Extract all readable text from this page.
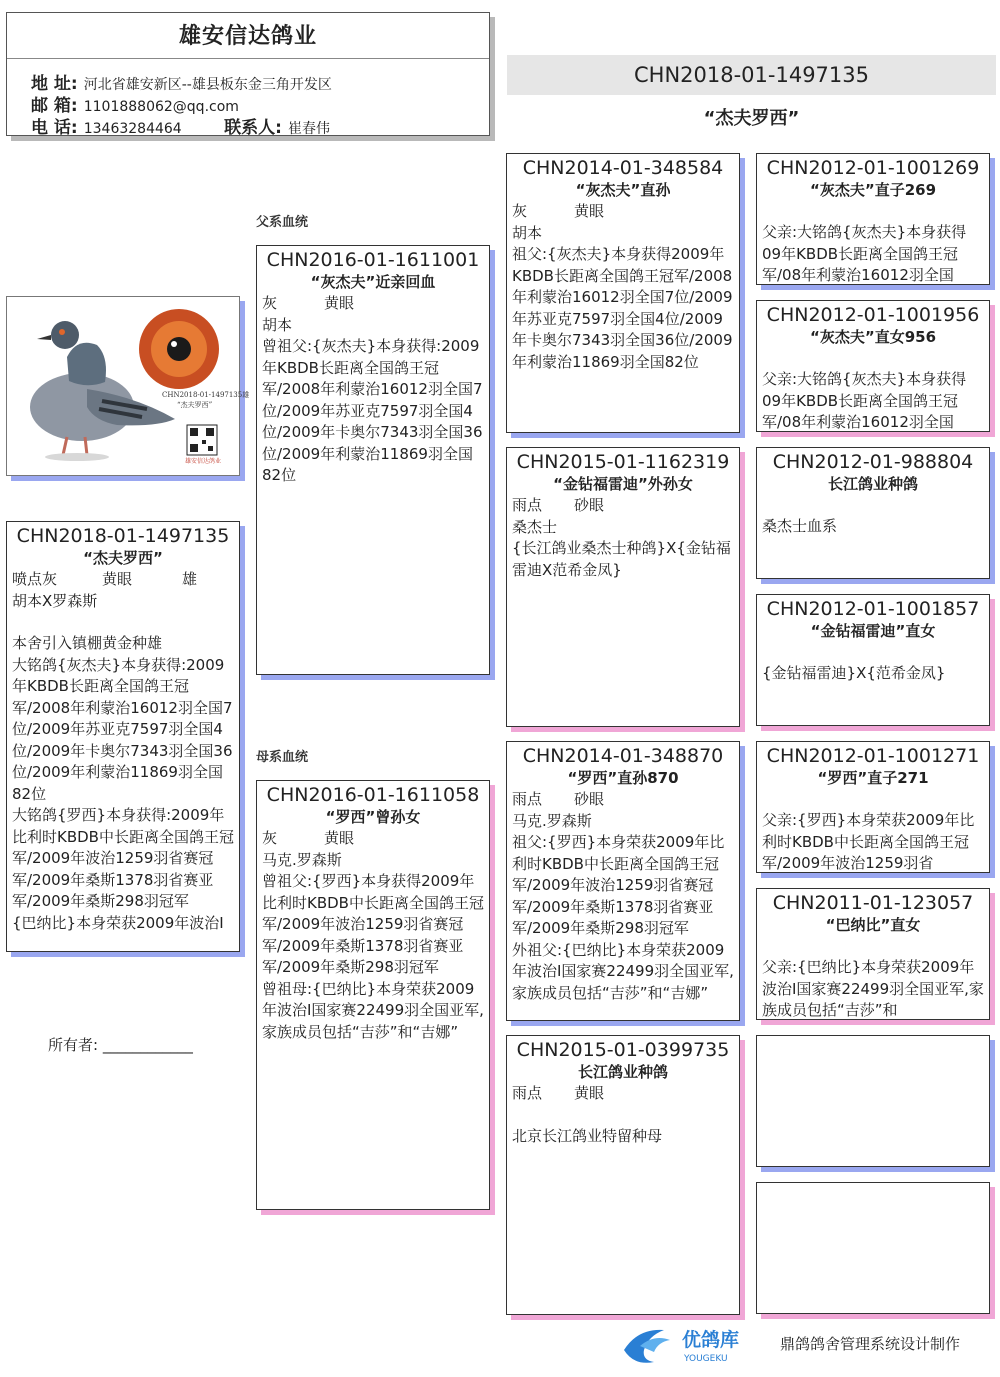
雄安信达鸽业
地 址: 河北省雄安新区--雄县板东金三角开发区
邮 箱: 1101888062@qq.com
电 话: 13463284464 联系人: 崔春伟
CHN2018-01-1497135
“杰夫罗西”
CHN2018-01-1497135雄
“杰夫罗西”
雄安信达鸽业
CHN2018-01-1497135
“杰夫罗西”
喷点灰	黄眼	雄

胡本X罗森斯

本舍引入镇棚黄金种雄

大铭鸽{灰杰夫}本身获得:2009年KBDB长距离全国鸽王冠军/2008年利蒙治16012羽全国7位/2009年苏亚克7597羽全国4位/2009年卡奥尔7343羽全国36位/2009年利蒙治11869羽全国82位

大铭鸽{罗西}本身获得:2009年比利时KBDB中长距离全国鸽王冠军/2009年波治1259羽省赛冠军/2009年桑斯1378羽省赛亚军/2009年桑斯298羽冠军

{巴纳比}本身荣获2009年波治I

所有者: ____________
父系血统
母系血统
CHN2016-01-1611001
“灰杰夫”近亲回血
灰	黄眼

胡本

曾祖父:{灰杰夫}本身获得:2009年KBDB长距离全国鸽王冠军/2008年利蒙治16012羽全国7位/2009年苏亚克7597羽全国4位/2009年卡奥尔7343羽全国36位/2009年利蒙治11869羽全国82位

CHN2016-01-1611058
“罗西”曾孙女
灰	黄眼

马克.罗森斯

曾祖父:{罗西}本身获得2009年比利时KBDB中长距离全国鸽王冠军/2009年波治1259羽省赛冠军/2009年桑斯1378羽省赛亚军/2009年桑斯298羽冠军

曾祖母:{巴纳比}本身荣获2009年波治I国家赛22499羽全国亚军,家族成员包括“吉莎”和“吉娜”

CHN2014-01-348584
“灰杰夫”直孙
灰	黄眼

胡本

祖父:{灰杰夫}本身获得2009年KBDB长距离全国鸽王冠军/2008年利蒙治16012羽全国7位/2009年苏亚克7597羽全国4位/2009年卡奥尔7343羽全国36位/2009年利蒙治11869羽全国82位

CHN2015-01-1162319
“金钻福雷迪”外孙女
雨点 砂眼

桑杰士

{长江鸽业桑杰士种鸽}X{金钻福雷迪X范希金凤}

CHN2014-01-348870
“罗西”直孙870
雨点 砂眼

马克.罗森斯

祖父:{罗西}本身荣获2009年比利时KBDB中长距离全国鸽王冠军/2009年波治1259羽省赛冠军/2009年桑斯1378羽省赛亚军/2009年桑斯298羽冠军

外祖父:{巴纳比}本身荣获2009年波治I国家赛22499羽全国亚军,家族成员包括“吉莎”和“吉娜”

CHN2015-01-0399735
长江鸽业种鸽
雨点 黄眼

北京长江鸽业特留种母

CHN2012-01-1001269
“灰杰夫”直子269

父亲:大铭鸽{灰杰夫}本身获得09年KBDB长距离全国鸽王冠军/08年利蒙治16012羽全国

CHN2012-01-1001956
“灰杰夫”直女956

父亲:大铭鸽{灰杰夫}本身获得09年KBDB长距离全国鸽王冠军/08年利蒙治16012羽全国

CHN2012-01-988804
长江鸽业种鸽

桑杰士血系

CHN2012-01-1001857
“金钻福雷迪”直女

{金钻福雷迪}X{范希金凤}

CHN2012-01-1001271
“罗西”直子271

父亲:{罗西}本身荣获2009年比利时KBDB中长距离全国鸽王冠军/2009年波治1259羽省

CHN2011-01-123057
“巴纳比”直女

父亲:{巴纳比}本身荣获2009年波治I国家赛22499羽全国亚军,家族成员包括“吉莎”和

优鸽库
YOUGEKU
鼎鸽鸽舍管理系统设计制作
